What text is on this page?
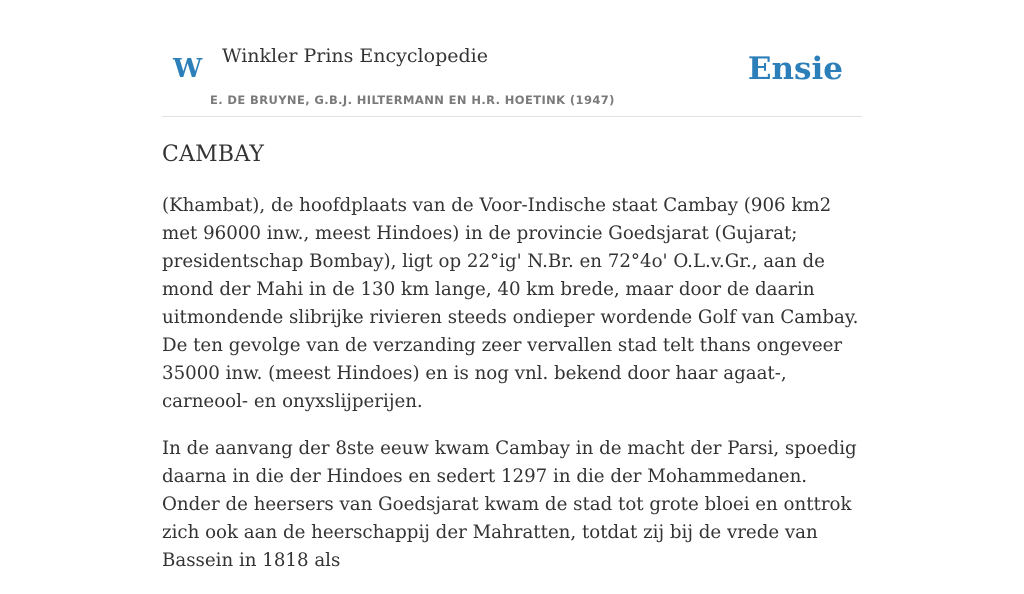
W Winkler Prins Encyclopedie	Ensie
E. DE BRUYNE, G.B.J. HILTERMANN EN H.R. HOETINK (1947)
CAMBAY

(Khambat), de hoofdplaats van de Voor-Indische staat Cambay (906 km2 met 96000 inw., meest Hindoes) in de provincie Goedsjarat (Gujarat; presidentschap Bombay), ligt op 22°ig' N.Br. en 72°4o' O.L.v.Gr., aan de mond der Mahi in de 130 km lange, 40 km brede, maar door de daarin uitmondende slibrijke rivieren steeds ondieper wordende Golf van Cambay. De ten gevolge van de verzanding zeer vervallen stad telt thans ongeveer 35000 inw. (meest Hindoes) en is nog vnl. bekend door haar agaat-, carneool- en onyxslijperijen.

In de aanvang der 8ste eeuw kwam Cambay in de macht der Parsi, spoedig daarna in die der Hindoes en sedert 1297 in die der Mohammedanen. Onder de heersers van Goedsjarat kwam de stad tot grote bloei en onttrok zich ook aan de heerschappij der Mahratten, totdat zij bij de vrede van Bassein in 1818 als
